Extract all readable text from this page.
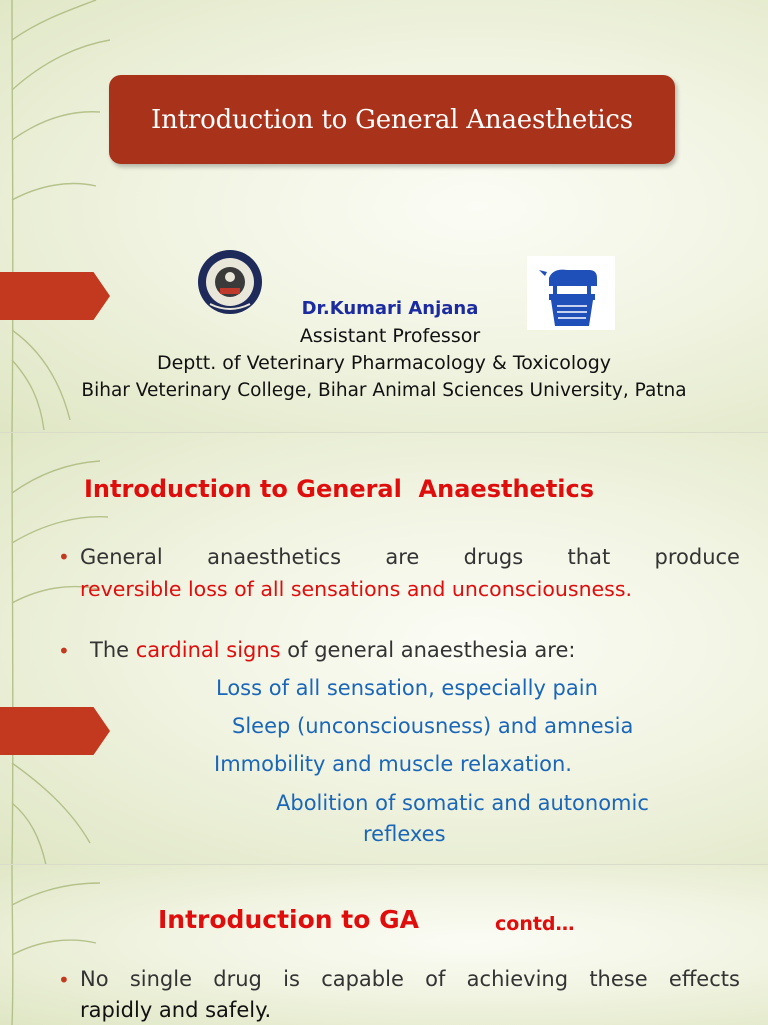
Introduction to General Anaesthetics
Dr.Kumari Anjana
Assistant Professor
Deptt. of Veterinary Pharmacology & Toxicology
Bihar Veterinary College, Bihar Animal Sciences University, Patna
Introduction to General  Anaesthetics
• General anaesthetics are drugs that produce
reversible loss of all sensations and unconsciousness.
• The cardinal signs of general anaesthesia are:
Loss of all sensation, especially pain
Sleep (unconsciousness) and amnesia
Immobility and muscle relaxation.
Abolition of somatic and autonomic
reflexes
Introduction to GA	contd…
• No single drug is capable of achieving these effects
rapidly and safely.
